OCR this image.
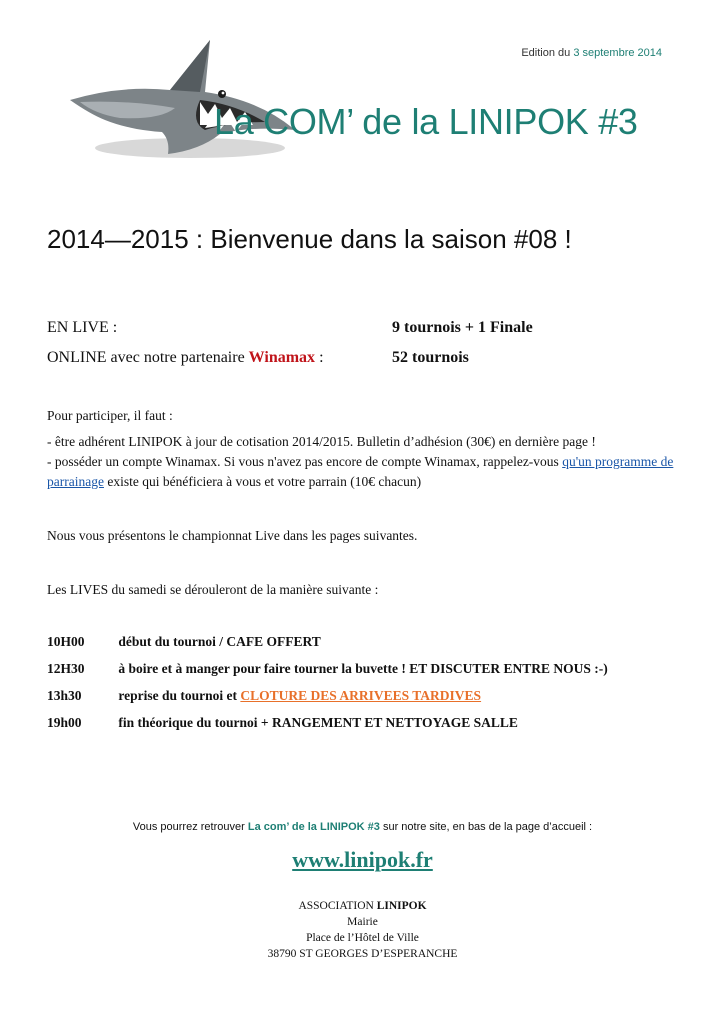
Edition du 3 septembre 2014
La COM’ de la LINIPOK #3
2014—2015 : Bienvenue dans la saison #08 !
EN LIVE :	9 tournois + 1 Finale
ONLINE avec notre partenaire Winamax :	52 tournois
Pour participer, il faut :
- être adhérent LINIPOK à jour de cotisation 2014/2015. Bulletin d’adhésion (30€) en dernière page !
- posséder un compte Winamax. Si vous n'avez pas encore de compte Winamax, rappelez-vous qu'un programme de parrainage existe qui bénéficiera à vous et votre parrain (10€ chacun)
Nous vous présentons le championnat Live dans les pages suivantes.
Les LIVES du samedi se dérouleront de la manière suivante :
10H00	début du tournoi / CAFE OFFERT
12H30	à boire et à manger pour faire tourner la buvette ! ET DISCUTER ENTRE NOUS :-)
13h30	reprise du tournoi et CLOTURE DES ARRIVEES TARDIVES
19h00	fin théorique du tournoi + RANGEMENT ET NETTOYAGE SALLE
Vous pourrez retrouver La com’ de la LINIPOK #3 sur notre site, en bas de la page d’accueil :
www.linipok.fr
ASSOCIATION LINIPOK
Mairie
Place de l’Hôtel de Ville
38790 ST GEORGES D’ESPERANCHE
